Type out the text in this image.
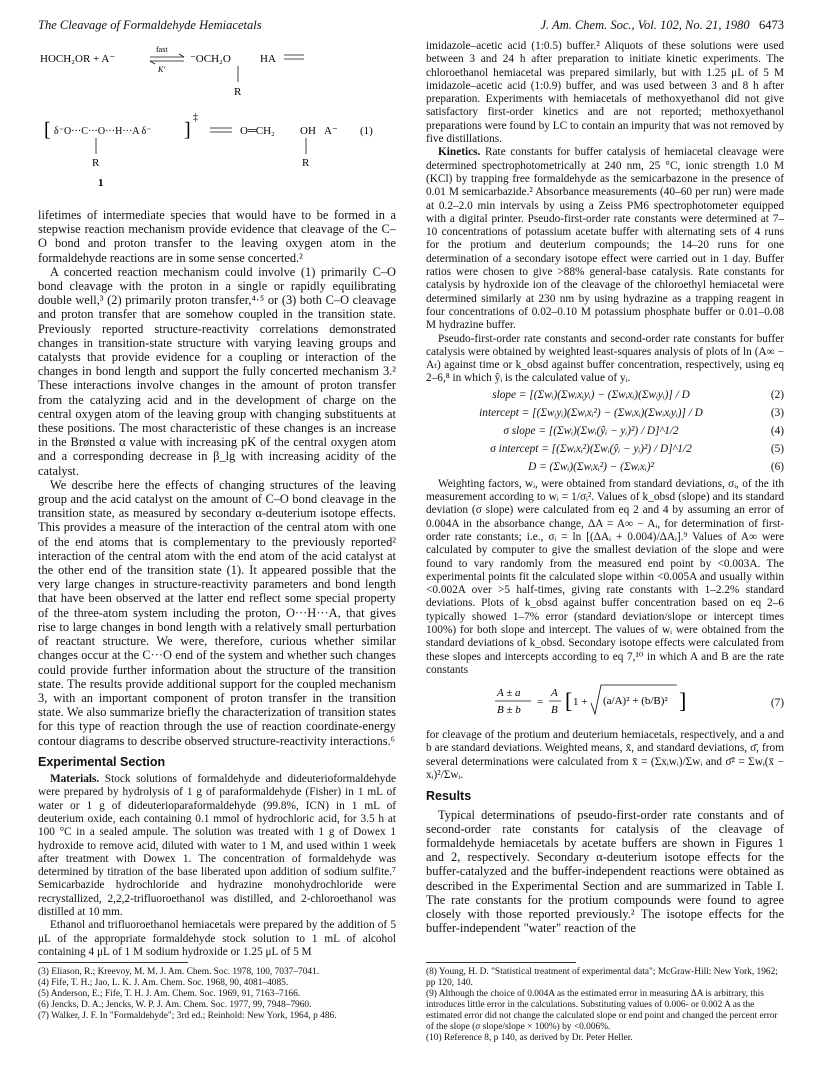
The Cleavage of Formaldehyde Hemiacetals	J. Am. Chem. Soc., Vol. 102, No. 21, 1980 6473
HOCH₂OR + A⁻
fast
K′
⁻OCH₂O	HA
R
[ δ⁻O···C···O···H···A δ⁻ ]
‡
R
1
O═CH₂ OH A⁻ (1)
R

lifetimes of intermediate species that would have to be formed in a stepwise reaction mechanism provide evidence that cleavage of the C–O bond and proton transfer to the leaving oxygen atom in the formaldehyde reactions are in some sense concerted.²

A concerted reaction mechanism could involve (1) primarily C–O bond cleavage with the proton in a single or rapidly equilibrating double well,³ (2) primarily proton transfer,⁴·⁵ or (3) both C–O cleavage and proton transfer that are somehow coupled in the transition state. Previously reported structure-reactivity correlations demonstrated changes in transition-state structure with varying leaving groups and catalysts that provide evidence for a coupling or interaction of the changes in bond length and support the fully concerted mechanism 3.² These interactions involve changes in the amount of proton transfer from the catalyzing acid and in the development of charge on the central oxygen atom of the leaving group with changing substituents at these positions. The most characteristic of these changes is an increase in the Brønsted α value with increasing pK of the central oxygen atom and a corresponding decrease in β_lg with increasing acidity of the catalyst.

We describe here the effects of changing structures of the leaving group and the acid catalyst on the amount of C–O bond cleavage in the transition state, as measured by secondary α-deuterium isotope effects. This provides a measure of the interaction of the central atom with one of the end atoms that is complementary to the previously reported² interaction of the central atom with the end atom of the acid catalyst at the other end of the transition state (1). It appeared possible that the very large changes in structure-reactivity parameters and bond length that have been observed at the latter end reflect some special property of the three-atom system including the proton, O···H···A, that gives rise to large changes in bond length with a relatively small perturbation of reactant structure. We were, therefore, curious whether similar changes occur at the C···O end of the system and whether such changes could provide further information about the structure of the transition state. The results provide additional support for the coupled mechanism 3, with an important component of proton transfer in the transition state. We also summarize briefly the characterization of transition states for this type of reaction through the use of reaction coordinate-energy contour diagrams to describe observed structure-reactivity interactions.⁶

Experimental Section

Materials. Stock solutions of formaldehyde and dideuterioformaldehyde were prepared by hydrolysis of 1 g of paraformaldehyde (Fisher) in 1 mL of water or 1 g of dideuterioparaformaldehyde (99.8%, ICN) in 1 mL of deuterium oxide, each containing 0.1 mmol of hydrochloric acid, for 3.5 h at 100 °C in a sealed ampule. The solution was treated with 1 g of Dowex 1 hydroxide to remove acid, diluted with water to 1 M, and used within 1 week after treatment with Dowex 1. The concentration of formaldehyde was determined by titration of the base liberated upon addition of sodium sulfite.⁷ Semicarbazide hydrochloride and hydrazine monohydrochloride were recrystallized, 2,2,2-trifluoroethanol was distilled, and 2-chloroethanol was distilled at 10 mm.

Ethanol and trifluoroethanol hemiacetals were prepared by the addition of 5 μL of the appropriate formaldehyde stock solution to 1 mL of alcohol containing 4 μL of 1 M sodium hydroxide or 1.25 μL of 5 M

imidazole–acetic acid (1:0.5) buffer.² Aliquots of these solutions were used between 3 and 24 h after preparation to initiate kinetic experiments. The chloroethanol hemiacetal was prepared similarly, but with 1.25 μL of 5 M imidazole–acetic acid (1:0.9) buffer, and was used between 3 and 8 h after preparation. Experiments with hemiacetals of methoxyethanol did not give satisfactory first-order kinetics and are not reported; methoxyethanol preparations were found by LC to contain an impurity that was not removed by five distillations.

Kinetics. Rate constants for buffer catalysis of hemiacetal cleavage were determined spectrophotometrically at 240 nm, 25 °C, ionic strength 1.0 M (KCl) by trapping free formaldehyde as the semicarbazone in the presence of 0.01 M semicarbazide.² Absorbance measurements (40–60 per run) were made at 0.2–2.0 min intervals by using a Zeiss PM6 spectrophotometer equipped with a digital printer. Pseudo-first-order rate constants were determined at 7–10 concentrations of potassium acetate buffer with alternating sets of 4 runs for the protium and deuterium compounds; the 14–20 runs for one determination of a secondary isotope effect were carried out in 1 day. Buffer ratios were chosen to give >88% general-base catalysis. Rate constants for catalysis by hydroxide ion of the cleavage of the chloroethyl hemiacetal were determined similarly at 230 nm by using hydrazine as a trapping reagent in four concentrations of 0.02–0.10 M potassium phosphate buffer or 0.01–0.08 M hydrazine buffer.

Pseudo-first-order rate constants and second-order rate constants for buffer catalysis were obtained by weighted least-squares analysis of plots of ln (A∞ − Aₜ) against time or k_obsd against buffer concentration, respectively, using eq 2–6,⁸ in which ŷᵢ is the calculated value of yᵢ.

slope = [(Σwᵢ)(Σwᵢxᵢyᵢ) − (Σwᵢxᵢ)(Σwᵢyᵢ)] / D	(2)
intercept = [(Σwᵢyᵢ)(Σwᵢxᵢ²) − (Σwᵢxᵢ)(Σwᵢxᵢyᵢ)] / D	(3)
σ slope = [(Σwᵢ)(Σwᵢ(ŷᵢ − yᵢ)²) / D]^1/2	(4)
σ intercept = [(Σwᵢxᵢ²)(Σwᵢ(ŷᵢ − yᵢ)²) / D]^1/2	(5)
D = (Σwᵢ)(Σwᵢxᵢ²) − (Σwᵢxᵢ)²	(6)

Weighting factors, wᵢ, were obtained from standard deviations, σᵢ, of the ith measurement according to wᵢ = 1/σᵢ². Values of k_obsd (slope) and its standard deviation (σ slope) were calculated from eq 2 and 4 by assuming an error of 0.004A in the absorbance change, ΔA = A∞ − Aᵢ, for determination of first-order rate constants; i.e., σᵢ = ln [(ΔAᵢ + 0.004)/ΔAᵢ].⁹ Values of A∞ were calculated by computer to give the smallest deviation of the slope and were found to vary randomly from the measured end point by <0.003A. The experimental points fit the calculated slope within <0.005A and usually within <0.002A over >5 half-times, giving rate constants with 1–2.2% standard deviations. Plots of k_obsd against buffer concentration based on eq 2–6 typically showed 1–7% error (standard deviation/slope or intercept times 100%) for both slope and intercept. The values of wᵢ were obtained from the standard deviations of k_obsd. Secondary isotope effects were calculated from these slopes and intercepts according to eq 7,¹⁰ in which A and B are the rate constants

A ± a
B ± b
=
A
B [ 1 + (a/A)² + (b/B)² ]	(7)

for cleavage of the protium and deuterium hemiacetals, respectively, and a and b are standard deviations. Weighted means, x̄, and standard deviations, σ̄, from several determinations were calculated from x̄ = (Σxᵢwᵢ)/Σwᵢ and σ̄² = Σwᵢ(x̄ − xᵢ)²/Σwᵢ.

Results

Typical determinations of pseudo-first-order rate constants and of second-order rate constants for catalysis of the cleavage of formaldehyde hemiacetals by acetate buffers are shown in Figures 1 and 2, respectively. Secondary α-deuterium isotope effects for the buffer-catalyzed and the buffer-independent reactions were obtained as described in the Experimental Section and are summarized in Table I. The rate constants for the protium compounds were found to agree closely with those reported previously.² The isotope effects for the buffer-independent "water" reaction of the

(3) Eliason, R.; Kreevoy, M. M. J. Am. Chem. Soc. 1978, 100, 7037–7041.

(4) Fife, T. H.; Jao, L. K. J. Am. Chem. Soc. 1968, 90, 4081–4085.

(5) Anderson, E.; Fife, T. H. J. Am. Chem. Soc. 1969, 91, 7163–7166.

(6) Jencks, D. A.; Jencks, W. P. J. Am. Chem. Soc. 1977, 99, 7948–7960.

(7) Walker, J. F. In "Formaldehyde"; 3rd ed.; Reinhold: New York, 1964, p 486.

(8) Young, H. D. "Statistical treatment of experimental data"; McGraw-Hill: New York, 1962; pp 120, 140.

(9) Although the choice of 0.004A as the estimated error in measuring ΔA is arbitrary, this introduces little error in the calculations. Substituting values of 0.006- or 0.002 A as the estimated error did not change the calculated slope or end point and changed the percent error of the slope (σ slope/slope × 100%) by <0.006%.

(10) Reference 8, p 140, as derived by Dr. Peter Heller.
